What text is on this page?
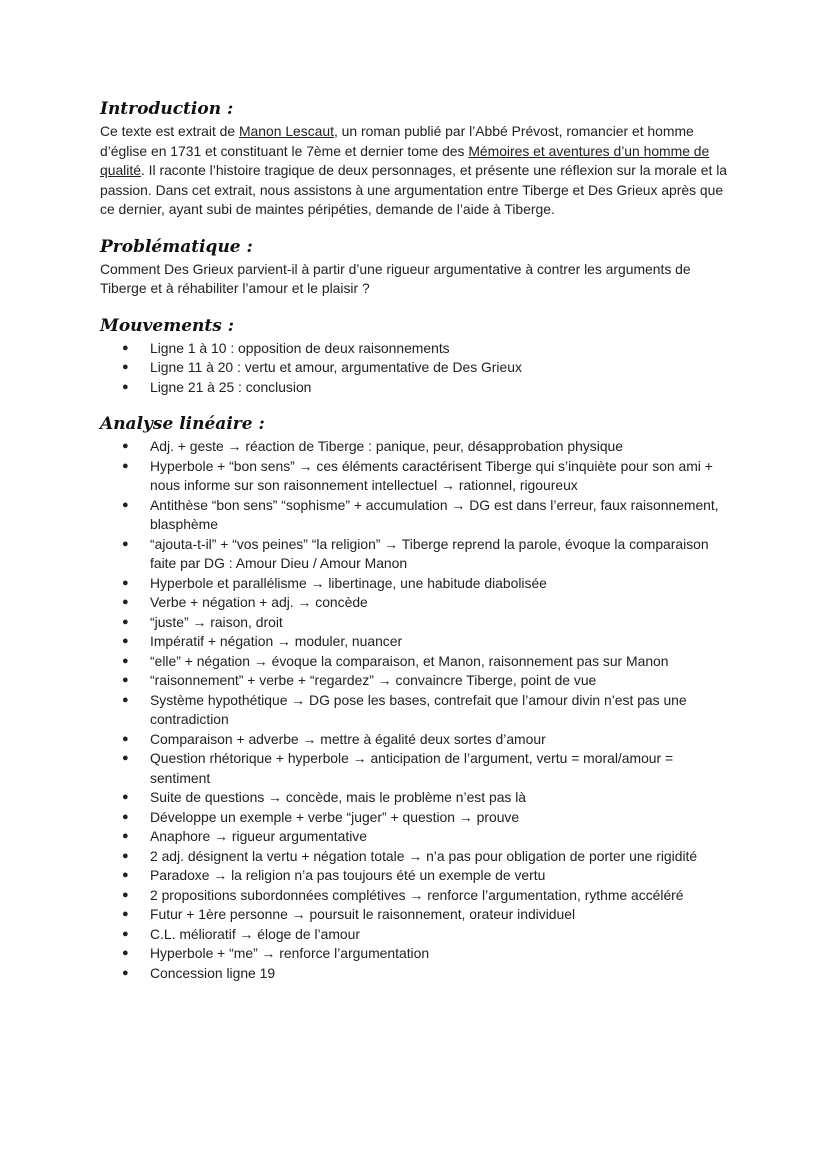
Introduction :

Ce texte est extrait de Manon Lescaut, un roman publié par l’Abbé Prévost, romancier et homme d’église en 1731 et constituant le 7ème et dernier tome des Mémoires et aventures d’un homme de qualité. Il raconte l’histoire tragique de deux personnages, et présente une réflexion sur la morale et la passion. Dans cet extrait, nous assistons à une argumentation entre Tiberge et Des Grieux après que ce dernier, ayant subi de maintes péripéties, demande de l’aide à Tiberge.

Problématique :

Comment Des Grieux parvient-il à partir d’une rigueur argumentative à contrer les arguments de Tiberge et à réhabiliter l’amour et le plaisir ?

Mouvements :
● Ligne 1 à 10 : opposition de deux raisonnements
● Ligne 11 à 20 : vertu et amour, argumentative de Des Grieux
● Ligne 21 à 25 : conclusion
Analyse linéaire :
● Adj. + geste → réaction de Tiberge : panique, peur, désapprobation physique
● Hyperbole + “bon sens” → ces éléments caractérisent Tiberge qui s’inquiète pour son ami + nous informe sur son raisonnement intellectuel → rationnel, rigoureux
● Antithèse “bon sens” “sophisme” + accumulation → DG est dans l’erreur, faux raisonnement, blasphème
● “ajouta-t-il” + “vos peines” “la religion” → Tiberge reprend la parole, évoque la comparaison faite par DG : Amour Dieu / Amour Manon
● Hyperbole et parallélisme → libertinage, une habitude diabolisée
● Verbe + négation + adj. → concède
● “juste” → raison, droit
● Impératif + négation → moduler, nuancer
● “elle” + négation → évoque la comparaison, et Manon, raisonnement pas sur Manon
● “raisonnement” + verbe + “regardez” → convaincre Tiberge, point de vue
● Système hypothétique → DG pose les bases, contrefait que l’amour divin n’est pas une contradiction
● Comparaison + adverbe → mettre à égalité deux sortes d’amour
● Question rhétorique + hyperbole → anticipation de l’argument, vertu = moral/amour = sentiment
● Suite de questions → concède, mais le problème n’est pas là
● Développe un exemple + verbe “juger” + question → prouve
● Anaphore → rigueur argumentative
● 2 adj. désignent la vertu + négation totale → n’a pas pour obligation de porter une rigidité
● Paradoxe → la religion n’a pas toujours été un exemple de vertu
● 2 propositions subordonnées complétives → renforce l’argumentation, rythme accéléré
● Futur + 1ère personne → poursuit le raisonnement, orateur individuel
● C.L. mélioratif → éloge de l’amour
● Hyperbole + “me” → renforce l’argumentation
● Concession ligne 19
